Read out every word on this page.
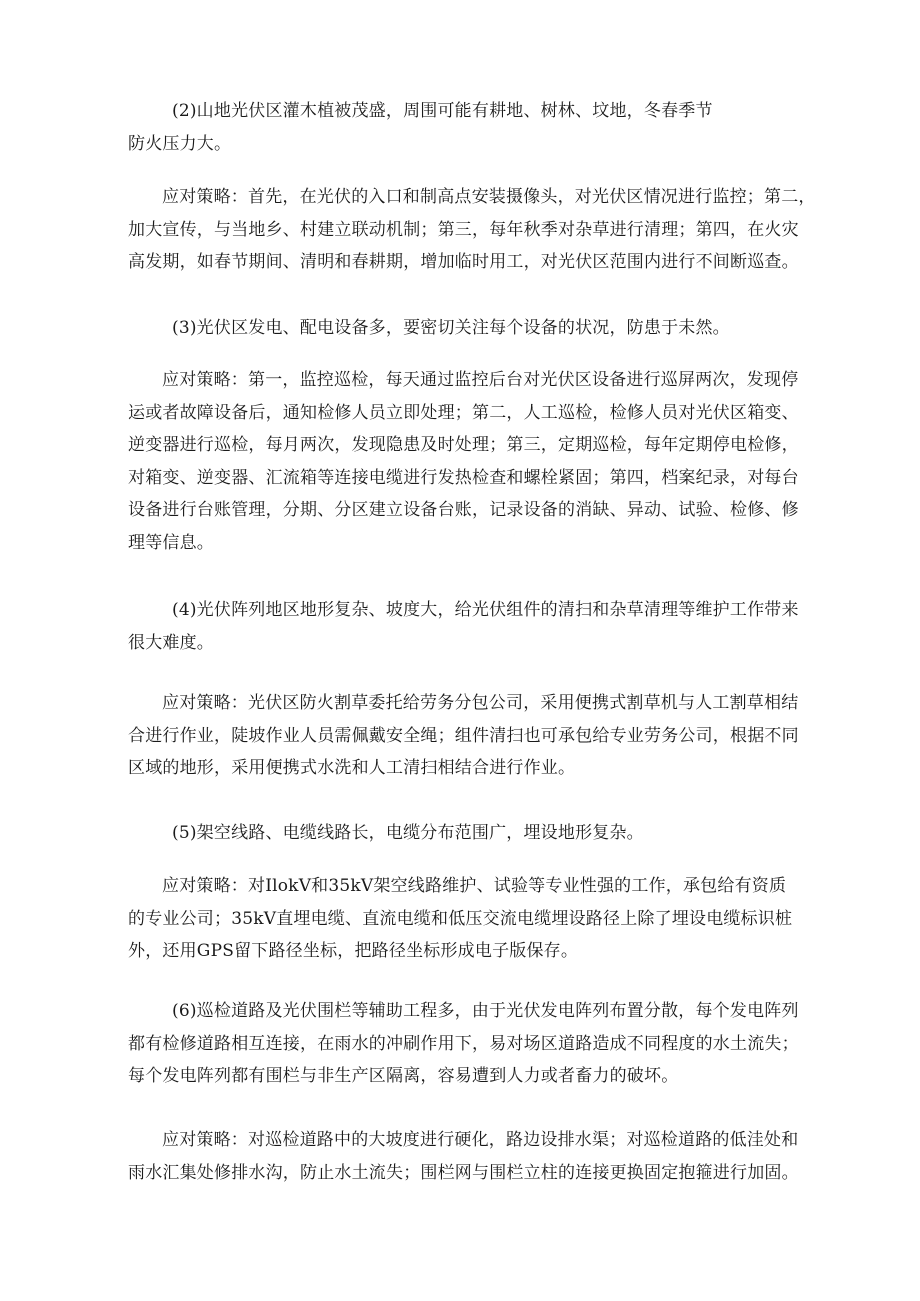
(2)山地光伏区灌木植被茂盛，周围可能有耕地、树林、坟地，冬春季节
防火压力大。

应对策略：首先，在光伏的入口和制高点安装摄像头，对光伏区情况进行监控；第二，
加大宣传，与当地乡、村建立联动机制；第三，每年秋季对杂草进行清理；第四，在火灾
高发期，如春节期间、清明和春耕期，增加临时用工，对光伏区范围内进行不间断巡查。

(3)光伏区发电、配电设备多，要密切关注每个设备的状况，防患于未然。

应对策略：第一，监控巡检，每天通过监控后台对光伏区设备进行巡屏两次，发现停
运或者故障设备后，通知检修人员立即处理；第二，人工巡检，检修人员对光伏区箱变、
逆变器进行巡检，每月两次，发现隐患及时处理；第三，定期巡检，每年定期停电检修，
对箱变、逆变器、汇流箱等连接电缆进行发热检查和螺栓紧固；第四，档案纪录，对每台
设备进行台账管理，分期、分区建立设备台账，记录设备的消缺、异动、试验、检修、修
理等信息。

(4)光伏阵列地区地形复杂、坡度大，给光伏组件的清扫和杂草清理等维护工作带来
很大难度。

应对策略：光伏区防火割草委托给劳务分包公司，采用便携式割草机与人工割草相结
合进行作业，陡坡作业人员需佩戴安全绳；组件清扫也可承包给专业劳务公司，根据不同
区域的地形，采用便携式水洗和人工清扫相结合进行作业。

(5)架空线路、电缆线路长，电缆分布范围广，埋设地形复杂。

应对策略：对IlokV和35kV架空线路维护、试验等专业性强的工作，承包给有资质
的专业公司；35kV直埋电缆、直流电缆和低压交流电缆埋设路径上除了埋设电缆标识桩
外，还用GPS留下路径坐标，把路径坐标形成电子版保存。

(6)巡检道路及光伏围栏等辅助工程多，由于光伏发电阵列布置分散，每个发电阵列
都有检修道路相互连接，在雨水的冲刷作用下，易对场区道路造成不同程度的水土流失；
每个发电阵列都有围栏与非生产区隔离，容易遭到人力或者畜力的破坏。

应对策略：对巡检道路中的大坡度进行硬化，路边设排水渠；对巡检道路的低洼处和
雨水汇集处修排水沟，防止水土流失；围栏网与围栏立柱的连接更换固定抱箍进行加固。
